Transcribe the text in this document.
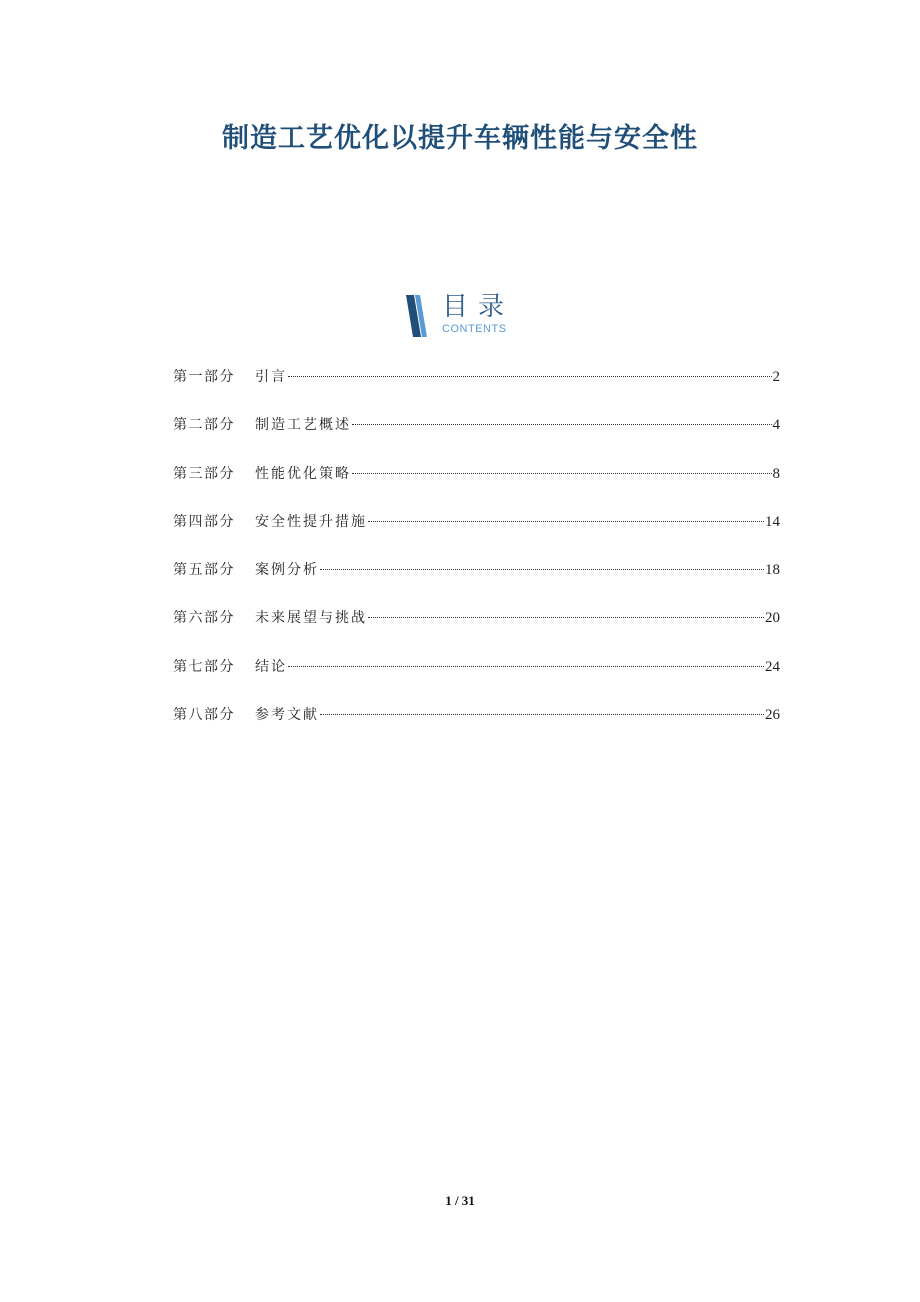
制造工艺优化以提升车辆性能与安全性
目录
CONTENTS
第一部分	引言	2
第二部分	制造工艺概述	4
第三部分	性能优化策略	8
第四部分	安全性提升措施	14
第五部分	案例分析	18
第六部分	未来展望与挑战	20
第七部分	结论	24
第八部分	参考文献	26
1 / 31
